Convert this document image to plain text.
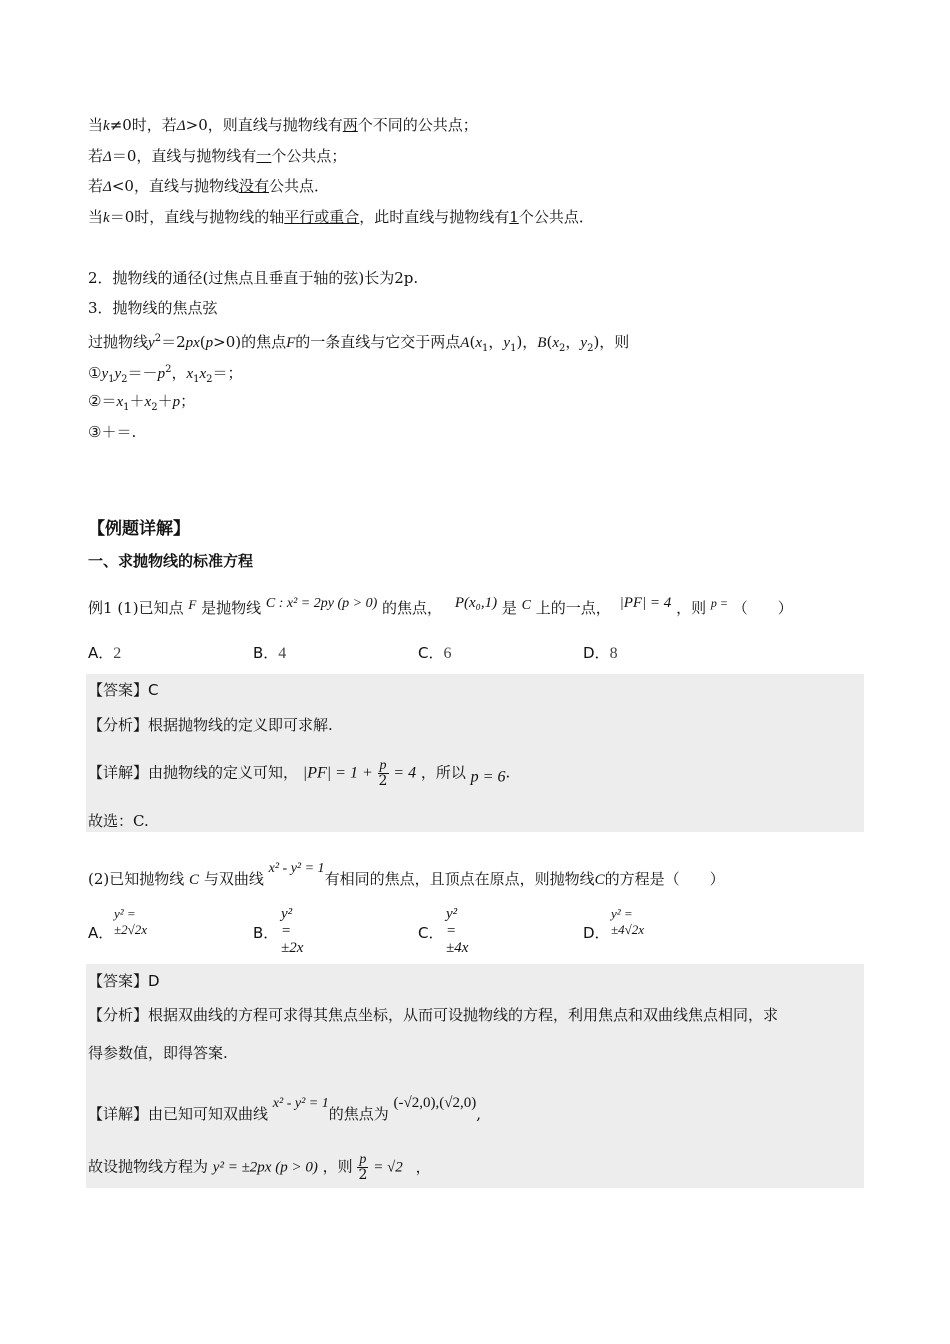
当k≠0时，若Δ>0，则直线与抛物线有两个不同的公共点；
若Δ＝0，直线与抛物线有一个公共点；
若Δ<0，直线与抛物线没有公共点．
当k＝0时，直线与抛物线的轴平行或重合，此时直线与抛物线有1个公共点．
2．抛物线的通径(过焦点且垂直于轴的弦)长为2p.
3．抛物线的焦点弦
过抛物线$y^2=2px(p>0)$的焦点F的一条直线与它交于两点$A(x_1$，$y_1$)，$B(x_2$，$y_2$)，则
$①y_1y_2=-p^2$，$x_1x_2=$；
$②=x_1+x_2+p$；
③＋＝.
【例题详解】
一、求抛物线的标准方程
例1 (1)已知点 F 是抛物线 C : x² = 2py (p > 0) 的焦点， P(x₀,1) 是 C 上的一点， |PF| = 4 ，则 $^{p =}$ （　　）
A．2	B．4	C．6	D．8
【答案】C
【分析】根据抛物线的定义即可求解.
【详解】由抛物线的定义可知， $|PF| = 1 + \frac{p}{2} = 4$ ，所以 p = 6.
故选：C.
(2)已知抛物线 C 与双曲线 x² - y² = 1有相同的焦点，且顶点在原点，则抛物线C的方程是（　　）
A．
y² = ±2√2x	B．
y² = ±2x
C．
y² = ±4x
D．
y² = ±4√2x
【答案】D
【分析】根据双曲线的方程可求得其焦点坐标，从而可设抛物线的方程，利用焦点和双曲线焦点相同，求
得参数值，即得答案.
【详解】由已知可知双曲线 x² - y² = 1的焦点为 (-√2,0),(√2,0),
故设抛物线方程为 y² = ±2px (p > 0) ，则 $\frac{p}{2} = √2$ ，
